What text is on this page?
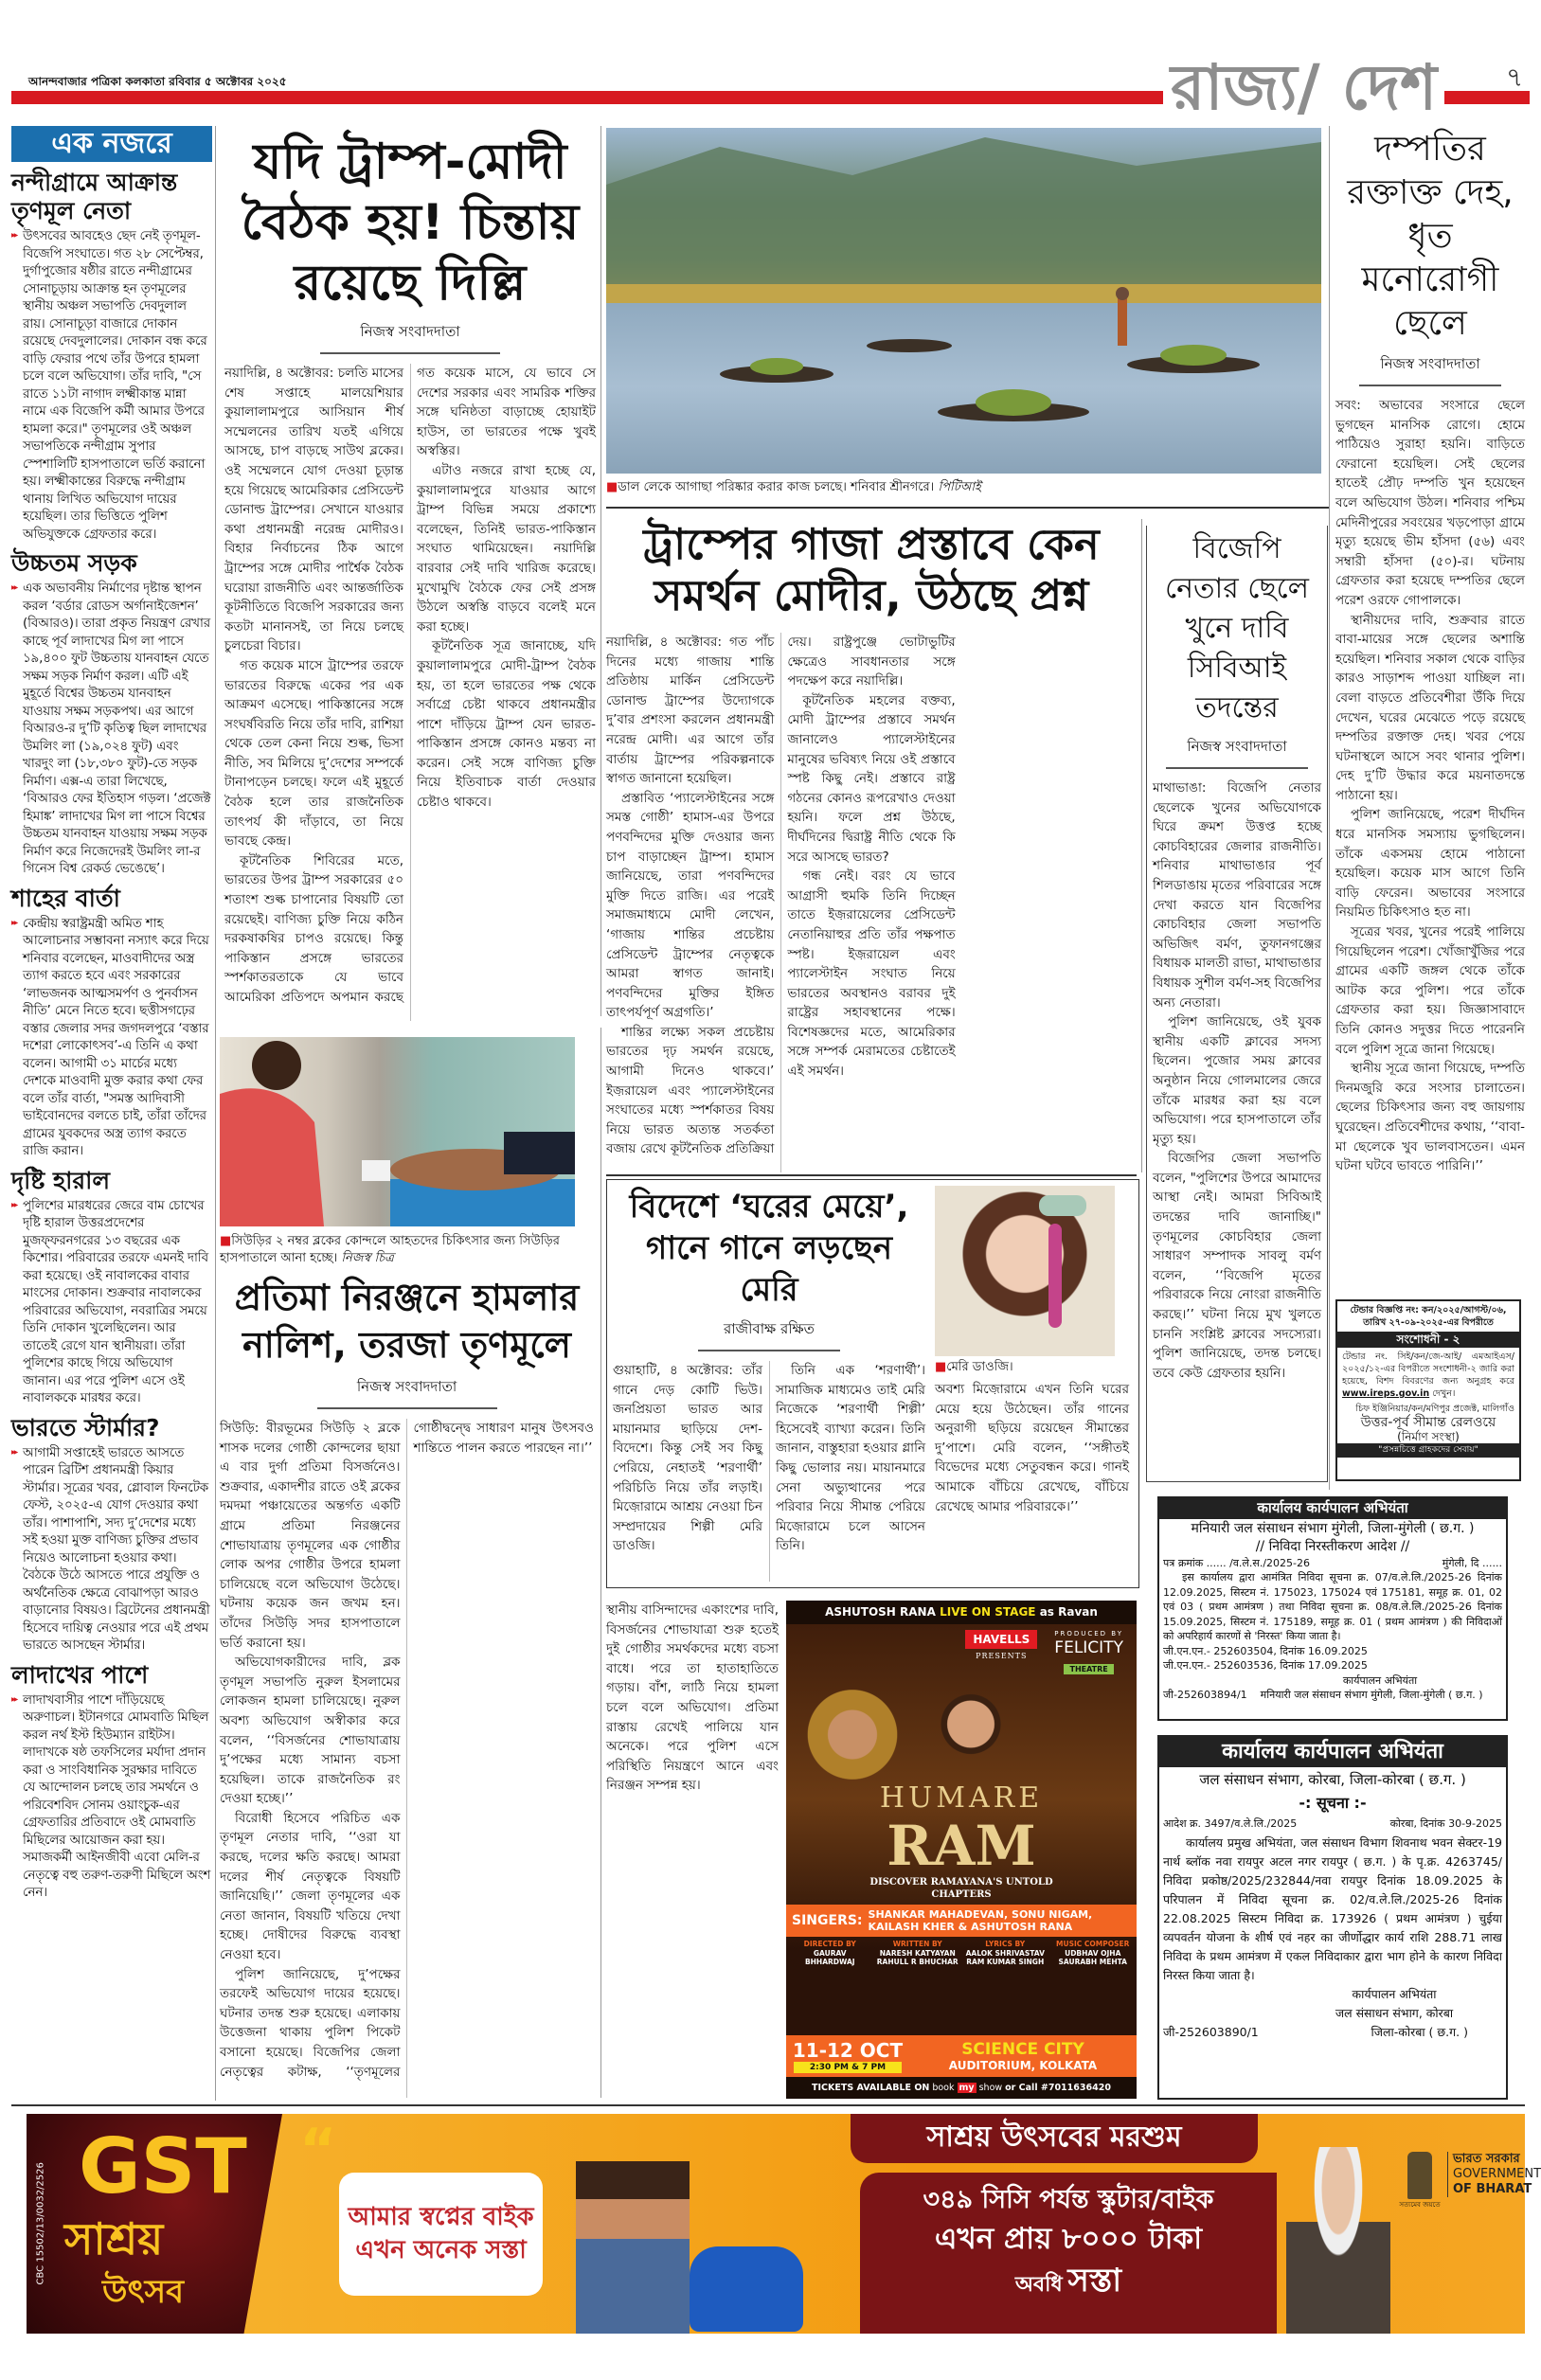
আনন্দবাজার পত্রিকা কলকাতা রবিবার ৫ অক্টোবর ২০২৫	রাজ্য/ দেশ	৭
এক নজরে
নন্দীগ্রামে আক্রান্ত তৃণমূল নেতা

▶▶ উৎসবের আবহেও ছেদ নেই তৃণমূল-বিজেপি সংঘাতে। গত ২৮ সেপ্টেম্বর, দুর্গাপুজোর ষষ্ঠীর রাতে নন্দীগ্রামের সোনাচূড়ায় আক্রান্ত হন তৃণমূলের স্থানীয় অঞ্চল সভাপতি দেবদুলাল রায়। সোনাচূড়া বাজারে দোকান রয়েছে দেবদুলালের। দোকান বন্ধ করে বাড়ি ফেরার পথে তাঁর উপরে হামলা চলে বলে অভিযোগ। তাঁর দাবি, "সে রাতে ১১টা নাগাদ লক্ষ্মীকান্ত মান্না নামে এক বিজেপি কর্মী আমার উপরে হামলা করে।" তৃণমূলের ওই অঞ্চল সভাপতিকে নন্দীগ্রাম সুপার স্পেশালিটি হাসপাতালে ভর্তি করানো হয়। লক্ষ্মীকান্তের বিরুদ্ধে নন্দীগ্রাম থানায় লিখিত অভিযোগ দায়ের হয়েছিল। তার ভিত্তিতে পুলিশ অভিযুক্তকে গ্রেফতার করে।

উচ্চতম সড়ক

▶▶ এক অভাবনীয় নির্মাণের দৃষ্টান্ত স্থাপন করল ‘বর্ডার রোডস অর্গানাইজেশন’ (বিআরও)। তারা প্রকৃত নিয়ন্ত্রণ রেখার কাছে পূর্ব লাদাখের মিগ লা পাসে ১৯,৪০০ ফুট উচ্চতায় যানবাহন যেতে সক্ষম সড়ক নির্মাণ করল। এটি এই মুহূর্তে বিশ্বের উচ্চতম যানবাহন যাওয়ায় সক্ষম সড়কপথ। এর আগে বিআরও-র দু’টি কৃতিত্ব ছিল লাদাখের উমলিং লা (১৯,০২৪ ফুট) এবং খারদুং লা (১৮,৩৮০ ফুট)-তে সড়ক নির্মাণ। এক্স-এ তারা লিখেছে, ‘বিআরও ফের ইতিহাস গড়ল। ‘প্রজেক্ট হিমাঙ্ক’ লাদাখের মিগ লা পাসে বিশ্বের উচ্চতম যানবাহন যাওয়ায় সক্ষম সড়ক নির্মাণ করে নিজেদেরই উমলিং লা-র গিনেস বিশ্ব রেকর্ড ভেঙেছে’।

শাহের বার্তা

▶▶ কেন্দ্রীয় স্বরাষ্ট্রমন্ত্রী অমিত শাহ আলোচনার সম্ভাবনা নস্যাৎ করে দিয়ে শনিবার বলেছেন, মাওবাদীদের অস্ত্র ত্যাগ করতে হবে এবং সরকারের ‘লাভজনক আত্মসমর্পণ ও পুনর্বাসন নীতি’ মেনে নিতে হবে। ছত্তীসগঢ়ের বস্তার জেলার সদর জগদলপুরে ‘বস্তার দশেরা লোকোৎসব’-এ তিনি এ কথা বলেন। আগামী ৩১ মার্চের মধ্যে দেশকে মাওবাদী মুক্ত করার কথা ফের বলে তাঁর বার্তা, "সমস্ত আদিবাসী ভাইবোনদের বলতে চাই, তাঁরা তাঁদের গ্রামের যুবকদের অস্ত্র ত্যাগ করতে রাজি করান।

দৃষ্টি হারাল

▶▶ পুলিশের মারধরের জেরে বাম চোখের দৃষ্টি হারাল উত্তরপ্রদেশের মুজফ্‌ফরনগরের ১৩ বছরের এক কিশোর। পরিবারের তরফে এমনই দাবি করা হয়েছে। ওই নাবালকের বাবার মাংসের দোকান। শুক্রবার নাবালকের পরিবারের অভিযোগ, নবরাত্রির সময়ে তিনি দোকান খুলেছিলেন। আর তাতেই রেগে যান স্থানীয়রা। তাঁরা পুলিশের কাছে গিয়ে অভিযোগ জানান। এর পরে পুলিশ এসে ওই নাবালককে মারধর করে।

ভারতে স্টার্মার?

▶▶ আগামী সপ্তাহেই ভারতে আসতে পারেন ব্রিটিশ প্রধানমন্ত্রী কিয়ার স্টার্মার। সূত্রের খবর, গ্লোবাল ফিনটেক ফেস্ট, ২০২৫-এ যোগ দেওয়ার কথা তাঁর। পাশাপাশি, সদ্য দু’দেশের মধ্যে সই হওয়া মুক্ত বাণিজ্য চুক্তির প্রভাব নিয়েও আলোচনা হওয়ার কথা। বৈঠকে উঠে আসতে পারে প্রযুক্তি ও অর্থনৈতিক ক্ষেত্রে বোঝাপড়া আরও বাড়ানোর বিষয়ও। ব্রিটেনের প্রধানমন্ত্রী হিসেবে দায়িত্ব নেওয়ার পরে এই প্রথম ভারতে আসছেন স্টার্মার।

লাদাখের পাশে

▶▶ লাদাখবাসীর পাশে দাঁড়িয়েছে অরুণাচল। ইটানগরে মোমবাতি মিছিল করল নর্থ ইস্ট হিউম্যান রাইটস। লাদাখকে ষষ্ঠ তফসিলের মর্যাদা প্রদান করা ও সাংবিধানিক সুরক্ষার দাবিতে যে আন্দোলন চলছে তার সমর্থনে ও পরিবেশবিদ সোনম ওয়াংচুক-এর গ্রেফতারির প্রতিবাদে ওই মোমবাতি মিছিলের আয়োজন করা হয়। সমাজকর্মী আইনজীবী এবো মেলি-র নেতৃত্বে বহু তরুণ-তরুণী মিছিলে অংশ নেন।

যদি ট্রাম্প-মোদী বৈঠক হয়! চিন্তায় রয়েছে দিল্লি
নিজস্ব সংবাদদাতা

নয়াদিল্লি, ৪ অক্টোবর: চলতি মাসের শেষ সপ্তাহে মালয়েশিয়ার কুয়ালালামপুরে আসিয়ান শীর্ষ সম্মেলনের তারিখ যতই এগিয়ে আসছে, চাপ বাড়ছে সাউথ ব্লকের। ওই সম্মেলনে যোগ দেওয়া চূড়ান্ত হয়ে গিয়েছে আমেরিকার প্রেসিডেন্ট ডোনাল্ড ট্রাম্পের। সেখানে যাওয়ার কথা প্রধানমন্ত্রী নরেন্দ্র মোদীরও। বিহার নির্বাচনের ঠিক আগে ট্রাম্পের সঙ্গে মোদীর পার্শ্বৈক বৈঠক ঘরোয়া রাজনীতি এবং আন্তর্জাতিক কূটনীতিতে বিজেপি সরকারের জন্য কতটা মানানসই, তা নিয়ে চলছে চুলচেরা বিচার।

গত কয়েক মাসে ট্রাম্পের তরফে ভারতের বিরুদ্ধে একের পর এক আক্রমণ এসেছে। পাকিস্তানের সঙ্গে সংঘর্ষবিরতি নিয়ে তাঁর দাবি, রাশিয়া থেকে তেল কেনা নিয়ে শুল্ক, ভিসা নীতি, সব মিলিয়ে দু’দেশের সম্পর্কে টানাপড়েন চলছে। ফলে এই মুহূর্তে বৈঠক হলে তার রাজনৈতিক তাৎপর্য কী দাঁড়াবে, তা নিয়ে ভাবছে কেন্দ্র।

কূটনৈতিক শিবিরের মতে, ভারতের উপর ট্রাম্প সরকারের ৫০ শতাংশ শুল্ক চাপানোর বিষয়টি তো রয়েছেই। বাণিজ্য চুক্তি নিয়ে কঠিন দরকষাকষির চাপও রয়েছে। কিন্তু পাকিস্তান প্রসঙ্গে ভারতের স্পর্শকাতরতাকে যে ভাবে আমেরিকা প্রতিপদে অপমান করছে গত কয়েক মাসে, যে ভাবে সে দেশের সরকার এবং সামরিক শক্তির সঙ্গে ঘনিষ্ঠতা বাড়াচ্ছে হোয়াইট হাউস, তা ভারতের পক্ষে খুবই অস্বস্তির।

এটাও নজরে রাখা হচ্ছে যে, কুয়ালালামপুরে যাওয়ার আগে ট্রাম্প বিভিন্ন সময়ে প্রকাশ্যে বলেছেন, তিনিই ভারত-পাকিস্তান সংঘাত থামিয়েছেন। নয়াদিল্লি বারবার সেই দাবি খারিজ করেছে। মুখোমুখি বৈঠকে ফের সেই প্রসঙ্গ উঠলে অস্বস্তি বাড়বে বলেই মনে করা হচ্ছে।

কূটনৈতিক সূত্র জানাচ্ছে, যদি কুয়ালালামপুরে মোদী-ট্রাম্প বৈঠক হয়, তা হলে ভারতের পক্ষ থেকে সর্বাগ্রে চেষ্টা থাকবে প্রধানমন্ত্রীর পাশে দাঁড়িয়ে ট্রাম্প যেন ভারত-পাকিস্তান প্রসঙ্গে কোনও মন্তব্য না করেন। সেই সঙ্গে বাণিজ্য চুক্তি নিয়ে ইতিবাচক বার্তা দেওয়ার চেষ্টাও থাকবে।

■ ডাল লেকে আগাছা পরিষ্কার করার কাজ চলছে। শনিবার শ্রীনগরে। পিটিআই
ট্রাম্পের গাজা প্রস্তাবে কেন সমর্থন মোদীর, উঠছে প্রশ্ন

নয়াদিল্লি, ৪ অক্টোবর: গত পাঁচ দিনের মধ্যে গাজায় শান্তি প্রতিষ্ঠায় মার্কিন প্রেসিডেন্ট ডোনাল্ড ট্রাম্পের উদ্যোগকে দু’বার প্রশংসা করলেন প্রধানমন্ত্রী নরেন্দ্র মোদী। এর আগে তাঁর বার্তায় ট্রাম্পের পরিকল্পনাকে স্বাগত জানানো হয়েছিল।

প্রস্তাবিত ‘প্যালেস্টাইনের সঙ্গে সমস্ত গোষ্ঠী’ হামাস-এর উপরে পণবন্দিদের মুক্তি দেওয়ার জন্য চাপ বাড়াচ্ছেন ট্রাম্প। হামাস জানিয়েছে, তারা পণবন্দিদের মুক্তি দিতে রাজি। এর পরেই সমাজমাধ্যমে মোদী লেখেন, ‘গাজায় শান্তির প্রচেষ্টায় প্রেসিডেন্ট ট্রাম্পের নেতৃত্বকে আমরা স্বাগত জানাই। পণবন্দিদের মুক্তির ইঙ্গিত তাৎপর্যপূর্ণ অগ্রগতি।’

শান্তির লক্ষ্যে সকল প্রচেষ্টায় ভারতের দৃঢ় সমর্থন রয়েছে, আগামী দিনেও থাকবে।’ ইজ়রায়েল এবং প্যালেস্টাইনের সংঘাতের মধ্যে স্পর্শকাতর বিষয় নিয়ে ভারত অত্যন্ত সতর্কতা বজায় রেখে কূটনৈতিক প্রতিক্রিয়া দেয়। রাষ্ট্রপুঞ্জে ভোটাভুটির ক্ষেত্রেও সাবধানতার সঙ্গে পদক্ষেপ করে নয়াদিল্লি।

কূটনৈতিক মহলের বক্তব্য, মোদী ট্রাম্পের প্রস্তাবে সমর্থন জানালেও প্যালেস্টাইনের মানুষের ভবিষ্যৎ নিয়ে ওই প্রস্তাবে স্পষ্ট কিছু নেই। প্রস্তাবে রাষ্ট্র গঠনের কোনও রূপরেখাও দেওয়া হয়নি। ফলে প্রশ্ন উঠছে, দীর্ঘদিনের দ্বিরাষ্ট্র নীতি থেকে কি সরে আসছে ভারত?

গন্ধ নেই। বরং যে ভাবে আগ্রাসী হুমকি তিনি দিচ্ছেন তাতে ইজ়রায়েলের প্রেসিডেন্ট নেতানিয়াহুর প্রতি তাঁর পক্ষপাত স্পষ্ট। ইজ়রায়েল এবং প্যালেস্টাইন সংঘাত নিয়ে ভারতের অবস্থানও বরাবর দুই রাষ্ট্রের সহাবস্থানের পক্ষে। বিশেষজ্ঞদের মতে, আমেরিকার সঙ্গে সম্পর্ক মেরামতের চেষ্টাতেই এই সমর্থন।

বিজেপি নেতার ছেলে খুনে দাবি সিবিআই তদন্তের
নিজস্ব সংবাদদাতা

মাথাভাঙা: বিজেপি নেতার ছেলেকে খুনের অভিযোগকে ঘিরে ক্রমশ উত্তপ্ত হচ্ছে কোচবিহারের জেলার রাজনীতি। শনিবার মাথাভাঙার পূর্ব শিলডাঙায় মৃতের পরিবারের সঙ্গে দেখা করতে যান বিজেপির কোচবিহার জেলা সভাপতি অভিজিৎ বর্মণ, তুফানগঞ্জের বিধায়ক মালতী রাভা, মাথাভাঙার বিধায়ক সুশীল বর্মণ-সহ বিজেপির অন্য নেতারা।

পুলিশ জানিয়েছে, ওই যুবক স্থানীয় একটি ক্লাবের সদস্য ছিলেন। পুজোর সময় ক্লাবের অনুষ্ঠান নিয়ে গোলমালের জেরে তাঁকে মারধর করা হয় বলে অভিযোগ। পরে হাসপাতালে তাঁর মৃত্যু হয়।

বিজেপির জেলা সভাপতি বলেন, "পুলিশের উপরে আমাদের আস্থা নেই। আমরা সিবিআই তদন্তের দাবি জানাচ্ছি।" তৃণমূলের কোচবিহার জেলা সাধারণ সম্পাদক সাবলু বর্মণ বলেন, ‘‘বিজেপি মৃতের পরিবারকে নিয়ে নোংরা রাজনীতি করছে।’’ ঘটনা নিয়ে মুখ খুলতে চাননি সংশ্লিষ্ট ক্লাবের সদস্যেরা। পুলিশ জানিয়েছে, তদন্ত চলছে। তবে কেউ গ্রেফতার হয়নি।

দম্পতির রক্তাক্ত দেহ, ধৃত মনোরোগী ছেলে
নিজস্ব সংবাদদাতা

সবং: অভাবের সংসারে ছেলে ভুগছেন মানসিক রোগে। হোমে পাঠিয়েও সুরাহা হয়নি। বাড়িতে ফেরানো হয়েছিল। সেই ছেলের হাতেই প্রৌঢ় দম্পতি খুন হয়েছেন বলে অভিযোগ উঠল। শনিবার পশ্চিম মেদিনীপুরের সবংয়ের খড়পোড়া গ্রামে মৃত্যু হয়েছে ভীম হাঁসদা (৫৬) এবং সম্বারী হাঁসদা (৫০)-র। ঘটনায় গ্রেফতার করা হয়েছে দম্পতির ছেলে পরেশ ওরফে গোপালকে।

স্থানীয়দের দাবি, শুক্রবার রাতে বাবা-মায়ের সঙ্গে ছেলের অশান্তি হয়েছিল। শনিবার সকাল থেকে বাড়ির কারও সাড়াশব্দ পাওয়া যাচ্ছিল না। বেলা বাড়তে প্রতিবেশীরা উঁকি দিয়ে দেখেন, ঘরের মেঝেতে পড়ে রয়েছে দম্পতির রক্তাক্ত দেহ। খবর পেয়ে ঘটনাস্থলে আসে সবং থানার পুলিশ। দেহ দু’টি উদ্ধার করে ময়নাতদন্তে পাঠানো হয়।

পুলিশ জানিয়েছে, পরেশ দীর্ঘদিন ধরে মানসিক সমস্যায় ভুগছিলেন। তাঁকে একসময় হোমে পাঠানো হয়েছিল। কয়েক মাস আগে তিনি বাড়ি ফেরেন। অভাবের সংসারে নিয়মিত চিকিৎসাও হত না।

সূত্রের খবর, খুনের পরেই পালিয়ে গিয়েছিলেন পরেশ। খোঁজাখুঁজির পরে গ্রামের একটি জঙ্গল থেকে তাঁকে আটক করে পুলিশ। পরে তাঁকে গ্রেফতার করা হয়। জিজ্ঞাসাবাদে তিনি কোনও সদুত্তর দিতে পারেননি বলে পুলিশ সূত্রে জানা গিয়েছে।

স্থানীয় সূত্রে জানা গিয়েছে, দম্পতি দিনমজুরি করে সংসার চালাতেন। ছেলের চিকিৎসার জন্য বহু জায়গায় ঘুরেছেন। প্রতিবেশীদের কথায়, ‘‘বাবা-মা ছেলেকে খুব ভালবাসতেন। এমন ঘটনা ঘটবে ভাবতে পারিনি।’’

টেন্ডার বিজ্ঞপ্তি নং: কন/২০২৫/আগস্ট/০৬, তারিখ ২৭-০৯-২০২৫-এর বিপরীতে
সংশোধনী - ২
টেন্ডার নং. সিই/কন/জে-আই/ এমআইএস/ ২০২৫/১২-এর বিপরীতে সংশোধনী-২ জারি করা হয়েছে, বিশদ বিবরণের জন্য অনুগ্রহ করে www.ireps.gov.in দেখুন।
চিফ ইঞ্জিনিয়ার/কন/মণিপুর প্রজেক্ট, মালিগাঁও
উত্তর-পূর্ব সীমান্ত রেলওয়ে
(নির্মাণ সংস্থা)
"প্রসন্নচিত্তে গ্রাহকদের সেবায়"
■ সিউড়ির ২ নম্বর ব্লকের কোন্দলে আহতদের চিকিৎসার জন্য সিউড়ির হাসপাতালে আনা হচ্ছে। নিজস্ব চিত্র
প্রতিমা নিরঞ্জনে হামলার নালিশ, তরজা তৃণমূলে
নিজস্ব সংবাদদাতা

সিউড়ি: বীরভূমের সিউড়ি ২ ব্লকে শাসক দলের গোষ্ঠী কোন্দলের ছায়া এ বার দুর্গা প্রতিমা বিসর্জনেও। শুক্রবার, একাদশীর রাতে ওই ব্লকের দমদমা পঞ্চায়েতের অন্তর্গত একটি গ্রামে প্রতিমা নিরঞ্জনের শোভাযাত্রায় তৃণমূলের এক গোষ্ঠীর লোক অপর গোষ্ঠীর উপরে হামলা চালিয়েছে বলে অভিযোগ উঠেছে। ঘটনায় কয়েক জন জখম হন। তাঁদের সিউড়ি সদর হাসপাতালে ভর্তি করানো হয়।

অভিযোগকারীদের দাবি, ব্লক তৃণমূল সভাপতি নুরুল ইসলামের লোকজন হামলা চালিয়েছে। নুরুল অবশ্য অভিযোগ অস্বীকার করে বলেন, ‘‘বিসর্জনের শোভাযাত্রায় দু’পক্ষের মধ্যে সামান্য বচসা হয়েছিল। তাকে রাজনৈতিক রং দেওয়া হচ্ছে।’’

বিরোধী হিসেবে পরিচিত এক তৃণমূল নেতার দাবি, ‘‘ওরা যা করছে, দলের ক্ষতি করছে। আমরা দলের শীর্ষ নেতৃত্বকে বিষয়টি জানিয়েছি।’’ জেলা তৃণমূলের এক নেতা জানান, বিষয়টি খতিয়ে দেখা হচ্ছে। দোষীদের বিরুদ্ধে ব্যবস্থা নেওয়া হবে।

পুলিশ জানিয়েছে, দু’পক্ষের তরফেই অভিযোগ দায়ের হয়েছে। ঘটনার তদন্ত শুরু হয়েছে। এলাকায় উত্তেজনা থাকায় পুলিশ পিকেট বসানো হয়েছে। বিজেপির জেলা নেতৃত্বের কটাক্ষ, ‘‘তৃণমূলের গোষ্ঠীদ্বন্দ্বে সাধারণ মানুষ উৎসবও শান্তিতে পালন করতে পারছেন না।’’

স্থানীয় বাসিন্দাদের একাংশের দাবি, বিসর্জনের শোভাযাত্রা শুরু হতেই দুই গোষ্ঠীর সমর্থকদের মধ্যে বচসা বাধে। পরে তা হাতাহাতিতে গড়ায়। বাঁশ, লাঠি নিয়ে হামলা চলে বলে অভিযোগ। প্রতিমা রাস্তায় রেখেই পালিয়ে যান অনেকে। পরে পুলিশ এসে পরিস্থিতি নিয়ন্ত্রণে আনে এবং নিরঞ্জন সম্পন্ন হয়।

বিদেশে ‘ঘরের মেয়ে’, গানে গানে লড়ছেন মেরি
রাজীবাক্ষ রক্ষিত

গুয়াহাটি, ৪ অক্টোবর: তাঁর গানে দেড় কোটি ভিউ। জনপ্রিয়তা ভারত আর মায়ানমার ছাড়িয়ে দেশ-বিদেশে। কিন্তু সেই সব কিছু পেরিয়ে, নেহাতই ‘শরণার্থী’ পরিচিতি নিয়ে তাঁর লড়াই। মিজ়োরামে আশ্রয় নেওয়া চিন সম্প্রদায়ের শিল্পী মেরি ডাওজি।

তিনি এক ‘শরণার্থী’। সামাজিক মাধ্যমেও তাই মেরি নিজেকে ‘শরণার্থী শিল্পী’ হিসেবেই ব্যাখ্যা করেন। তিনি জানান, বাস্তুহারা হওয়ার গ্লানি কিছু ভোলার নয়। মায়ানমারে সেনা অভ্যুত্থানের পরে পরিবার নিয়ে সীমান্ত পেরিয়ে মিজ়োরামে চলে আসেন তিনি।

■ মেরি ডাওজি।

অবশ্য মিজ়োরামে এখন তিনি ঘরের মেয়ে হয়ে উঠেছেন। তাঁর গানের অনুরাগী ছড়িয়ে রয়েছেন সীমান্তের দু’পাশে। মেরি বলেন, ‘‘সঙ্গীতই বিভেদের মধ্যে সেতুবন্ধন করে। গানই আমাকে বাঁচিয়ে রেখেছে, বাঁচিয়ে রেখেছে আমার পরিবারকে।’’

ASHUTOSH RANA LIVE ON STAGE as Ravan
HAVELLS
PRESENTS
PRODUCED BY
FELICITY
THEATRE
HUMARE
RAM
DISCOVER RAMAYANA'S UNTOLD CHAPTERS
SINGERS: SHANKAR MAHADEVAN, SONU NIGAM, KAILASH KHER & ASHUTOSH RANA
DIRECTED BY
GAURAV BHHARDWAJ
WRITTEN BY
NARESH KATYAYAN RAHULL R BHUCHAR
LYRICS BY
AALOK SHRIVASTAV RAM KUMAR SINGH
MUSIC COMPOSER
UDBHAV OJHA SAURABH MEHTA
11-12 OCT
2:30 PM & 7 PM
SCIENCE CITY
AUDITORIUM, KOLKATA
TICKETS AVAILABLE ON book my show or Call #7011636420
कार्यालय कार्यपालन अभियंता
मनियारी जल संसाधन संभाग मुंगेली, जिला-मुंगेली ( छ.ग. )
// निविदा निरस्तीकरण आदेश //
पत्र क्रमांक ...... /व.ले.स./2025-26	मुंगेली, दि ......
इस कार्यालय द्वारा आमंत्रित निविदा सूचना क्र. 07/व.ले.लि./2025-26 दिनांक 12.09.2025, सिस्टम नं. 175023, 175024 एवं 175181, समूह क्र. 01, 02 एवं 03 ( प्रथम आमंत्रण ) तथा निविदा सूचना क्र. 08/व.ले.लि./2025-26 दिनांक 15.09.2025, सिस्टम नं. 175189, समूह क्र. 01 ( प्रथम आमंत्रण ) की निविदाओं को अपरिहार्य कारणों से 'निरस्त' किया जाता है।
जी.एन.एन.- 252603504, दिनांक 16.09.2025
जी.एन.एन.- 252603536, दिनांक 17.09.2025
कार्यपालन अभियंता
जी-252603894/1 मनियारी जल संसाधन संभाग मुंगेली, जिला-मुंगेली ( छ.ग. )
कार्यालय कार्यपालन अभियंता
जल संसाधन संभाग, कोरबा, जिला-कोरबा ( छ.ग. )
-: सूचना :-
आदेश क्र. 3497/व.ले.लि./2025	कोरबा, दिनांक 30-9-2025
कार्यालय प्रमुख अभियंता, जल संसाधन विभाग शिवनाथ भवन सेक्टर-19 नार्थ ब्लॉक नवा रायपुर अटल नगर रायपुर ( छ.ग. ) के पृ.क्र. 4263745/निविदा प्रकोष्ठ/2025/232844/नवा रायपुर दिनांक 18.09.2025 के परिपालन में निविदा सूचना क्र. 02/व.ले.लि./2025-26 दिनांक 22.08.2025 सिस्टम निविदा क्र. 173926 ( प्रथम आमंत्रण ) चुईया व्यपवर्तन योजना के शीर्ष एवं नहर का जीर्णोद्धार कार्य राशि 288.71 लाख निविदा के प्रथम आमंत्रण में एकल निविदाकार द्वारा भाग होने के कारण निविदा निरस्त किया जाता है।
कार्यपालन अभियंता
जल संसाधन संभाग, कोरबा
जी-252603890/1	जिला-कोरबा ( छ.ग. )
CBC 15502/13/0032/2526 GST
সাশ্রয়
উৎসব
“
আমার স্বপ্নের বাইক এখন অনেক সস্তা
সাশ্রয় উৎসবের মরশুম
৩৪৯ সিসি পর্যন্ত স্কুটার/বাইক
এখন প্রায় ৮০০০ টাকা
অবধি সস্তা
সত্যমেব জয়তে
ভারত সরকার
GOVERNMENT
OF BHARAT
